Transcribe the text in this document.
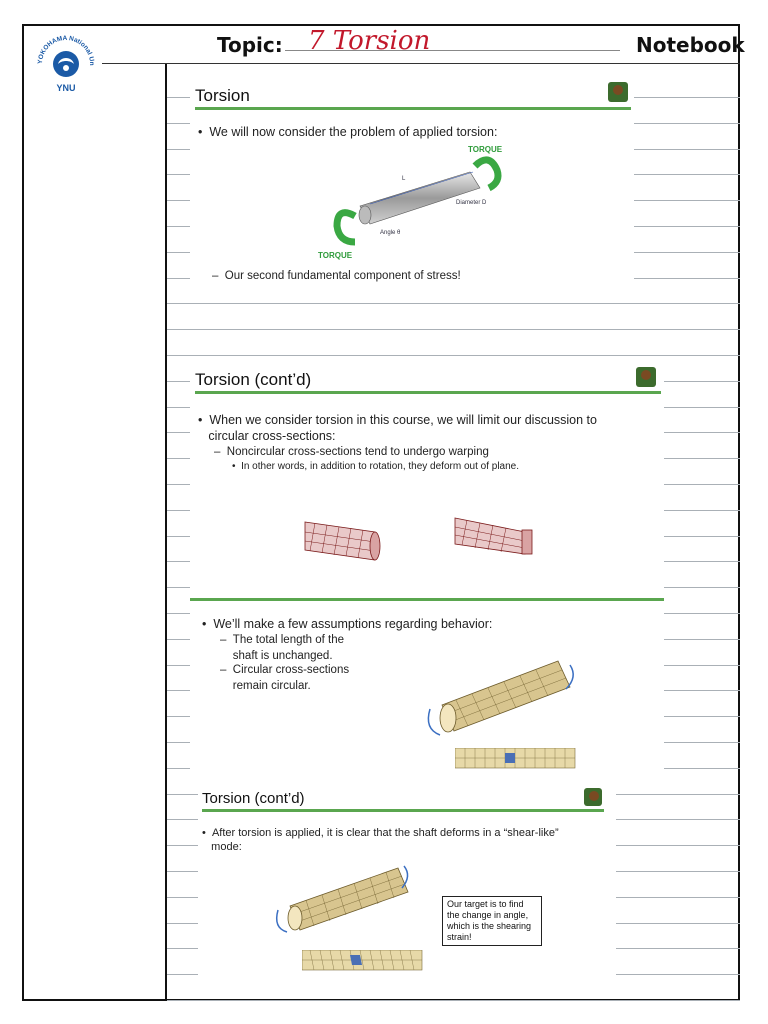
YOKOHAMA National Un
YNU
Topic: 7 Torsion	Notebook
Torsion
•  We will now consider the problem of applied torsion:
L
Diameter D
Angle θ
TORQUE
TORQUE
–  Our second fundamental component of stress!
Torsion (cont’d)
•  When we consider torsion in this course, we will limit our discussion to
circular cross-sections:
–  Noncircular cross-sections tend to undergo warping
•  In other words, in addition to rotation, they deform out of plane.
•  We’ll make a few assumptions regarding behavior:
–  The total length of the
shaft is unchanged.
–  Circular cross-sections
remain circular.
Torsion (cont’d)
•  After torsion is applied, it is clear that the shaft deforms in a “shear-like”
mode:
Our target is to find the change in angle, which is the shearing strain!
